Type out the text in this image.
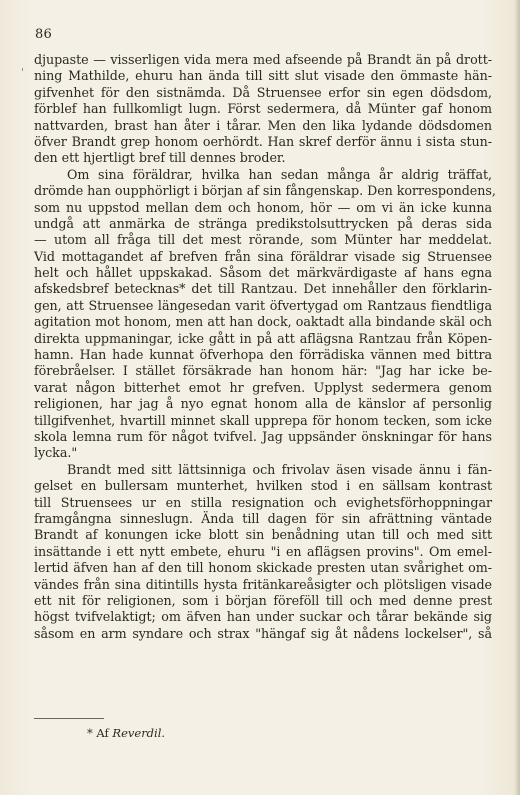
86
'
djupaste — visserligen vida mera med afseende på Brandt än på drott-
ning Mathilde, ehuru han ända till sitt slut visade den ömmaste hän-
gifvenhet för den sistnämda. Då Struensee erfor sin egen dödsdom,
förblef han fullkomligt lugn. Först sedermera, då Münter gaf honom
nattvarden, brast han åter i tårar. Men den lika lydande dödsdomen
öfver Brandt grep honom oerhördt. Han skref derför ännu i sista stun-
den ett hjertligt bref till dennes broder.
Om sina föräldrar, hvilka han sedan många år aldrig träffat,
drömde han oupphörligt i början af sin fångenskap. Den korrespondens,
som nu uppstod mellan dem och honom, hör — om vi än icke kunna
undgå att anmärka de stränga predikstolsuttrycken på deras sida
— utom all fråga till det mest rörande, som Münter har meddelat.
Vid mottagandet af brefven från sina föräldrar visade sig Struensee
helt och hållet uppskakad. Såsom det märkvärdigaste af hans egna
afskedsbref betecknas* det till Rantzau. Det innehåller den förklarin-
gen, att Struensee längesedan varit öfvertygad om Rantzaus fiendtliga
agitation mot honom, men att han dock, oaktadt alla bindande skäl och
direkta uppmaningar, icke gått in på att aflägsna Rantzau från Köpen-
hamn. Han hade kunnat öfverhopa den förrädiska vännen med bittra
förebråelser. I stället försäkrade han honom här: "Jag har icke be-
varat någon bitterhet emot hr grefven. Upplyst sedermera genom
religionen, har jag å nyo egnat honom alla de känslor af personlig
tillgifvenhet, hvartill minnet skall upprepa för honom tecken, som icke
skola lemna rum för något tvifvel. Jag uppsänder önskningar för hans
lycka."
Brandt med sitt lättsinniga och frivolav äsen visade ännu i fän-
gelset en bullersam munterhet, hvilken stod i en sällsam kontrast
till Struensees ur en stilla resignation och evighetsförhoppningar
framgångna sinneslugn. Ända till dagen för sin afrättning väntade
Brandt af konungen icke blott sin benådning utan till och med sitt
insättande i ett nytt embete, ehuru "i en aflägsen provins". Om emel-
lertid äfven han af den till honom skickade presten utan svårighet om-
vändes från sina ditintills hysta fritänkareåsigter och plötsligen visade
ett nit för religionen, som i början föreföll till och med denne prest
högst tvifvelaktigt; om äfven han under suckar och tårar bekände sig
såsom en arm syndare och strax "hängaf sig åt nådens lockelser", så
* Af Reverdil.
